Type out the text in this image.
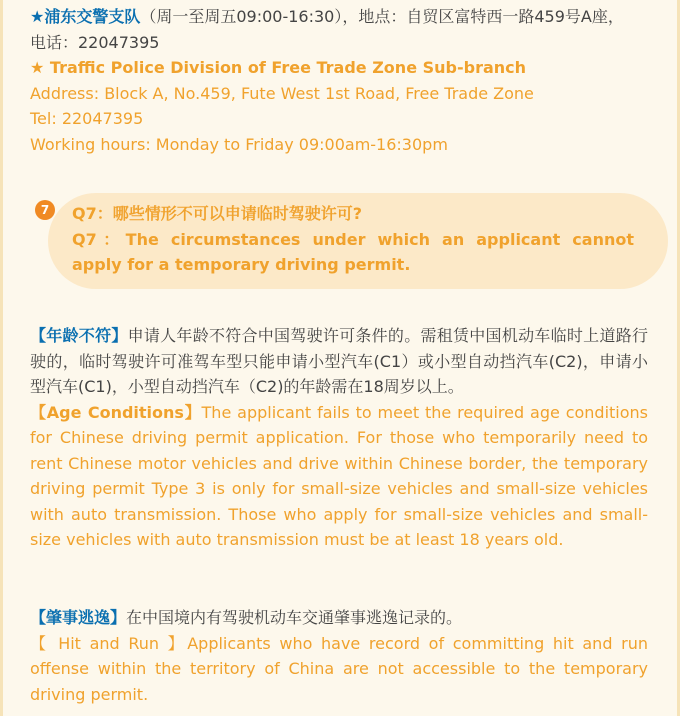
★浦东交警支队（周一至周五09:00-16:30），地点：自贸区富特西一路459号A座，

电话：22047395

★ Traffic Police Division of Free Trade Zone Sub-branch

Address: Block A, No.459, Fute West 1st Road, Free Trade Zone

Tel: 22047395

Working hours: Monday to Friday 09:00am-16:30pm

7	Q7：哪些情形不可以申请临时驾驶许可?

Q7：The circumstances under which an applicant cannot apply for a temporary driving permit.

【年龄不符】申请人年龄不符合中国驾驶许可条件的。需租赁中国机动车临时上道路行驶的，临时驾驶许可准驾车型只能申请小型汽车(C1）或小型自动挡汽车(C2)，申请小型汽车(C1)，小型自动挡汽车（C2)的年龄需在18周岁以上。

【Age Conditions】The applicant fails to meet the required age conditions for Chinese driving permit application. For those who temporarily need to rent Chinese motor vehicles and drive within Chinese border, the temporary driving permit Type 3 is only for small-size vehicles and small-size vehicles with auto transmission. Those who apply for small-size vehicles and small-size vehicles with auto transmission must be at least 18 years old.

【肇事逃逸】在中国境内有驾驶机动车交通肇事逃逸记录的。

【 Hit and Run 】Applicants who have record of committing hit and run offense within the territory of China are not accessible to the temporary driving permit.
